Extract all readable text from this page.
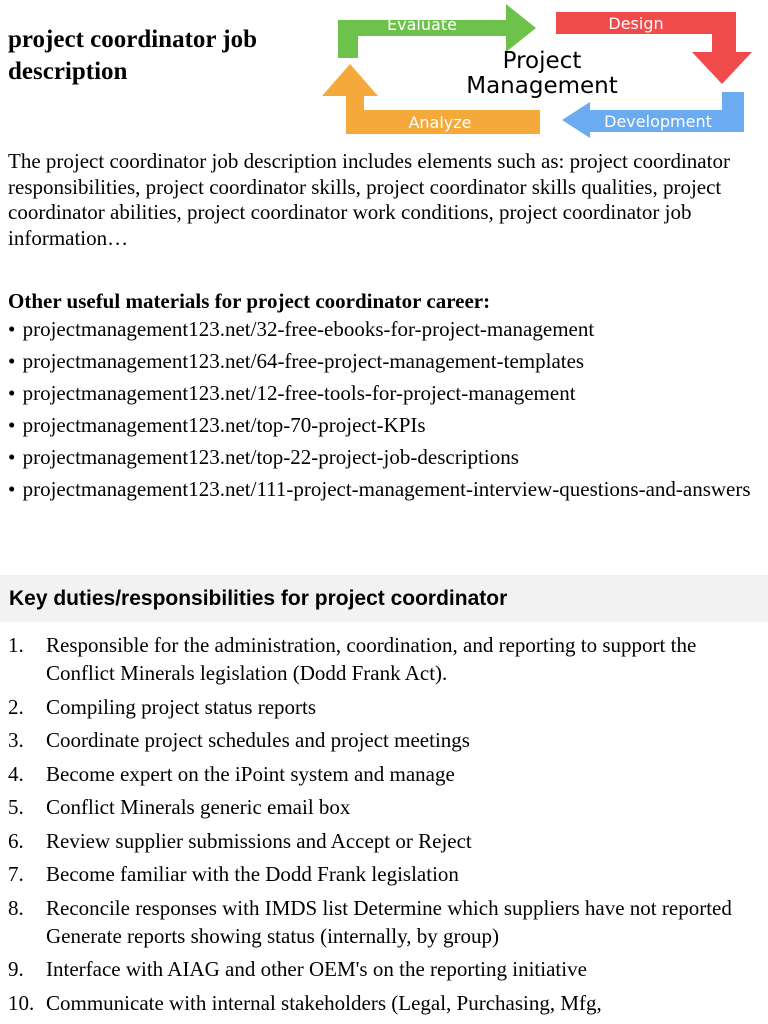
project coordinator job description
Evaluate	Design
Development
Analyze
Project
Management
The project coordinator job description includes elements such as: project coordinator responsibilities, project coordinator skills, project coordinator skills qualities, project coordinator abilities, project coordinator work conditions, project coordinator job information…
Other useful materials for project coordinator career:
• projectmanagement123.net/32-free-ebooks-for-project-management
• projectmanagement123.net/64-free-project-management-templates
• projectmanagement123.net/12-free-tools-for-project-management
• projectmanagement123.net/top-70-project-KPIs
• projectmanagement123.net/top-22-project-job-descriptions
• projectmanagement123.net/111-project-management-interview-questions-and-answers
Key duties/responsibilities for project coordinator
1. Responsible for the administration, coordination, and reporting to support the Conflict Minerals legislation (Dodd Frank Act).
2. Compiling project status reports
3. Coordinate project schedules and project meetings
4. Become expert on the iPoint system and manage
5. Conflict Minerals generic email box
6. Review supplier submissions and Accept or Reject
7. Become familiar with the Dodd Frank legislation
8. Reconcile responses with IMDS list Determine which suppliers have not reported Generate reports showing status (internally, by group)
9. Interface with AIAG and other OEM's on the reporting initiative
10. Communicate with internal stakeholders (Legal, Purchasing, Mfg,
